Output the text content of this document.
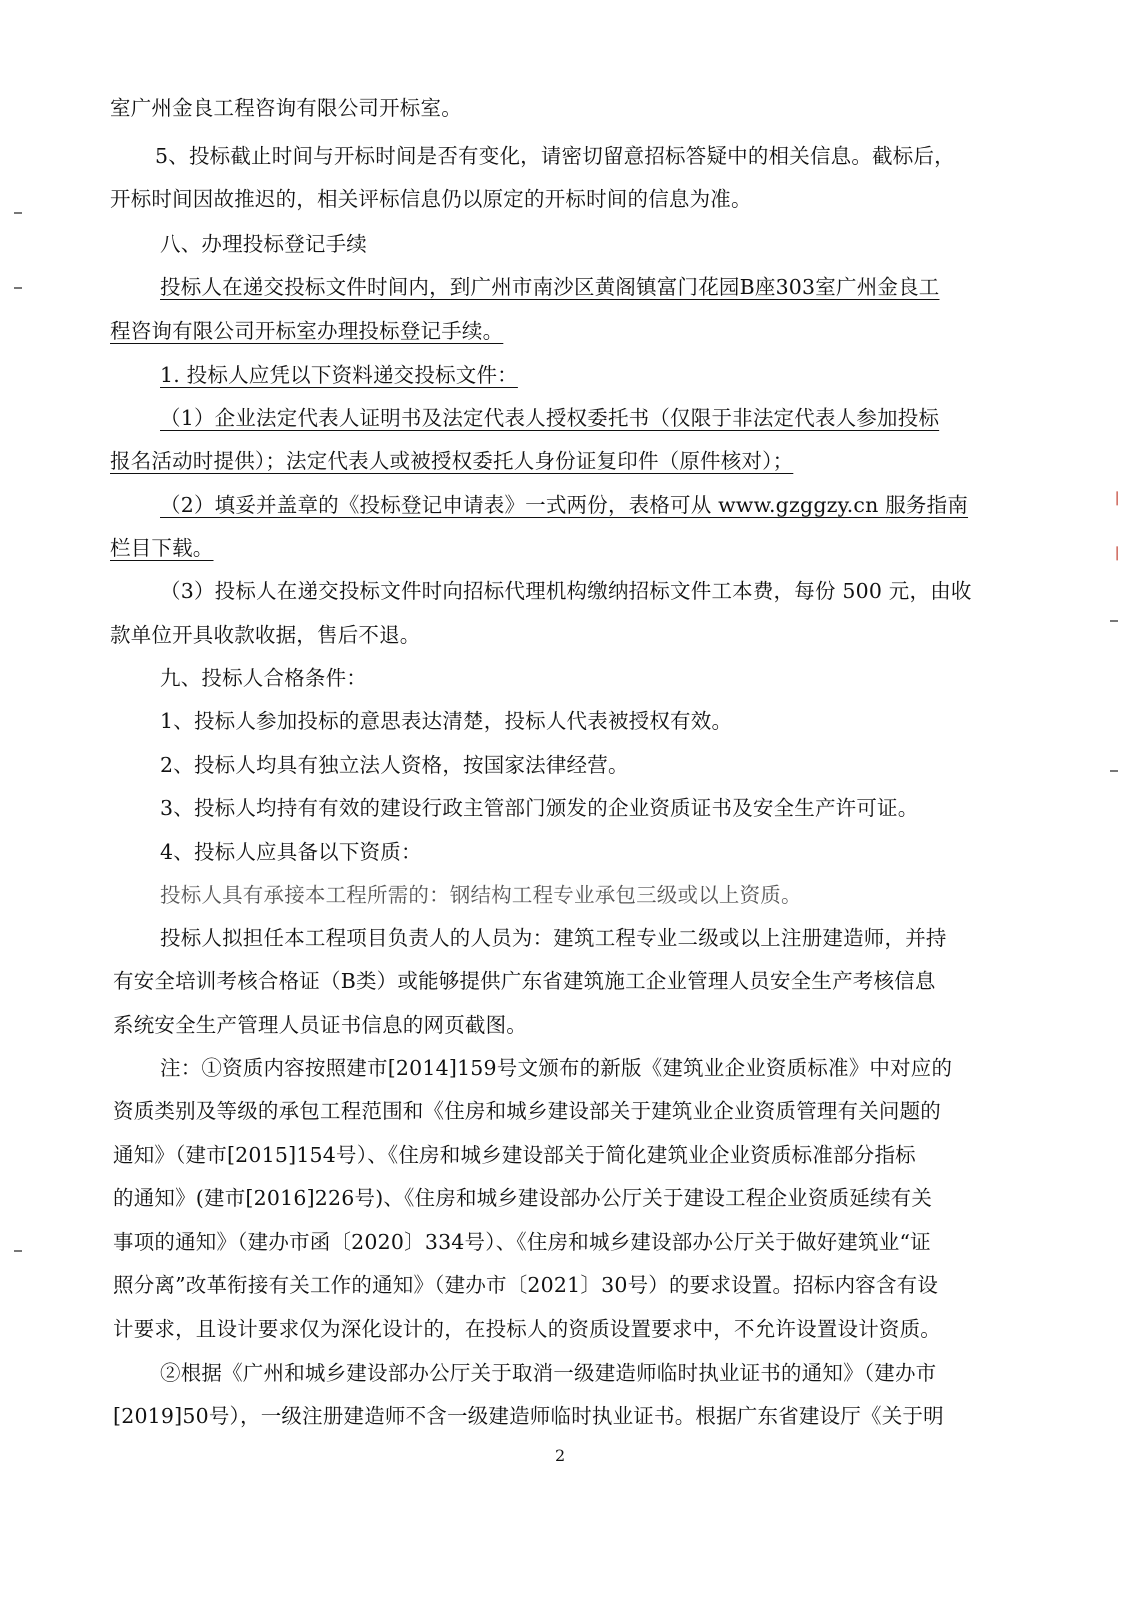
室广州金良工程咨询有限公司开标室。
5、投标截止时间与开标时间是否有变化，请密切留意招标答疑中的相关信息。截标后，
开标时间因故推迟的，相关评标信息仍以原定的开标时间的信息为准。
八、办理投标登记手续
投标人在递交投标文件时间内，到广州市南沙区黄阁镇富门花园B座303室广州金良工
程咨询有限公司开标室办理投标登记手续。
1. 投标人应凭以下资料递交投标文件：
（1）企业法定代表人证明书及法定代表人授权委托书（仅限于非法定代表人参加投标
报名活动时提供）；法定代表人或被授权委托人身份证复印件（原件核对）；
（2）填妥并盖章的《投标登记申请表》一式两份，表格可从 www.gzggzy.cn 服务指南
栏目下载。
（3）投标人在递交投标文件时向招标代理机构缴纳招标文件工本费，每份 500 元，由收
款单位开具收款收据，售后不退。
九、投标人合格条件：
1、投标人参加投标的意思表达清楚，投标人代表被授权有效。
2、投标人均具有独立法人资格，按国家法律经营。
3、投标人均持有有效的建设行政主管部门颁发的企业资质证书及安全生产许可证。
4、投标人应具备以下资质：
投标人具有承接本工程所需的：钢结构工程专业承包三级或以上资质。
投标人拟担任本工程项目负责人的人员为：建筑工程专业二级或以上注册建造师，并持
有安全培训考核合格证（B类）或能够提供广东省建筑施工企业管理人员安全生产考核信息
系统安全生产管理人员证书信息的网页截图。
注：①资质内容按照建市[2014]159号文颁布的新版《建筑业企业资质标准》中对应的
资质类别及等级的承包工程范围和《住房和城乡建设部关于建筑业企业资质管理有关问题的
通知》（建市[2015]154号）、《住房和城乡建设部关于简化建筑业企业资质标准部分指标
的通知》(建市[2016]226号)、《住房和城乡建设部办公厅关于建设工程企业资质延续有关
事项的通知》（建办市函〔2020〕334号）、《住房和城乡建设部办公厅关于做好建筑业“证
照分离”改革衔接有关工作的通知》（建办市〔2021〕30号）的要求设置。招标内容含有设
计要求，且设计要求仅为深化设计的，在投标人的资质设置要求中，不允许设置设计资质。
②根据《广州和城乡建设部办公厅关于取消一级建造师临时执业证书的通知》（建办市
[2019]50号），一级注册建造师不含一级建造师临时执业证书。根据广东省建设厅《关于明
2
❘
❘
